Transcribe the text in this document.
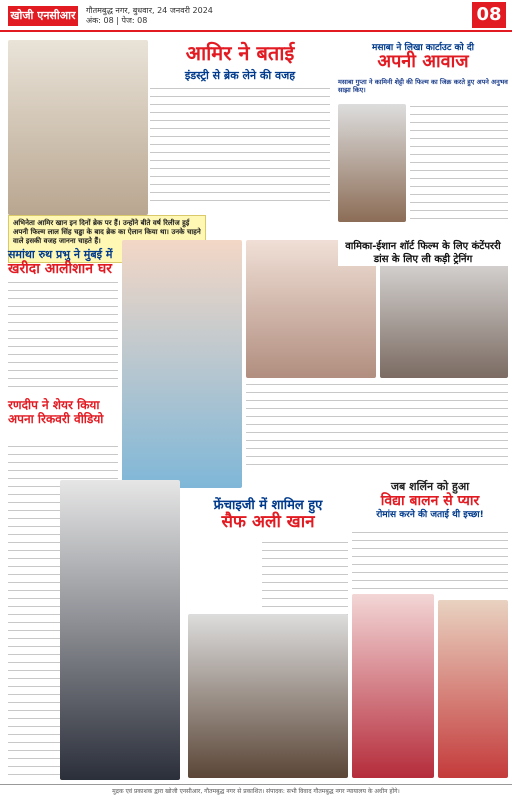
खोजी एनसीआर	गौतमबुद्ध नगर, बुधवार, 24 जनवरी 2024
अंक: 08 | पेज: 08	08
आमिर ने बताई
इंडस्ट्री से ब्रेक लेने की वजह
अभिनेता आमिर खान इन दिनों ब्रेक पर हैं। उन्होंने बीते वर्ष रिलीज हुई अपनी फिल्म लाल सिंह चड्ढा के बाद ब्रेक का ऐलान किया था। उनके चाहने वाले इसकी वजह जानना चाहते हैं।
मसाबा ने लिखा कार्टाउट को दी
अपनी आवाज
मसाबा गुप्ता ने कामिनी शेट्टी की फिल्म का जिक्र करते हुए अपने अनुभव साझा किए।
समांथा रुथ प्रभु ने मुंबई में
खरीदा आलीशान घर
वामिका-ईशान शॉर्ट फिल्म के लिए कंटेंपररी डांस के लिए ली कड़ी ट्रेनिंग
रणदीप ने शेयर किया अपना रिकवरी वीडियो
फ्रेंचाइजी में शामिल हुए
सैफ अली खान
जब शर्लिन को हुआ
विद्या बालन से प्यार
रोमांस करने की जताई थी इच्छा!
मुद्रक एवं प्रकाशक द्वारा खोजी एनसीआर, गौतमबुद्ध नगर से प्रकाशित। संपादक: सभी विवाद गौतमबुद्ध नगर न्यायालय के अधीन होंगे।
